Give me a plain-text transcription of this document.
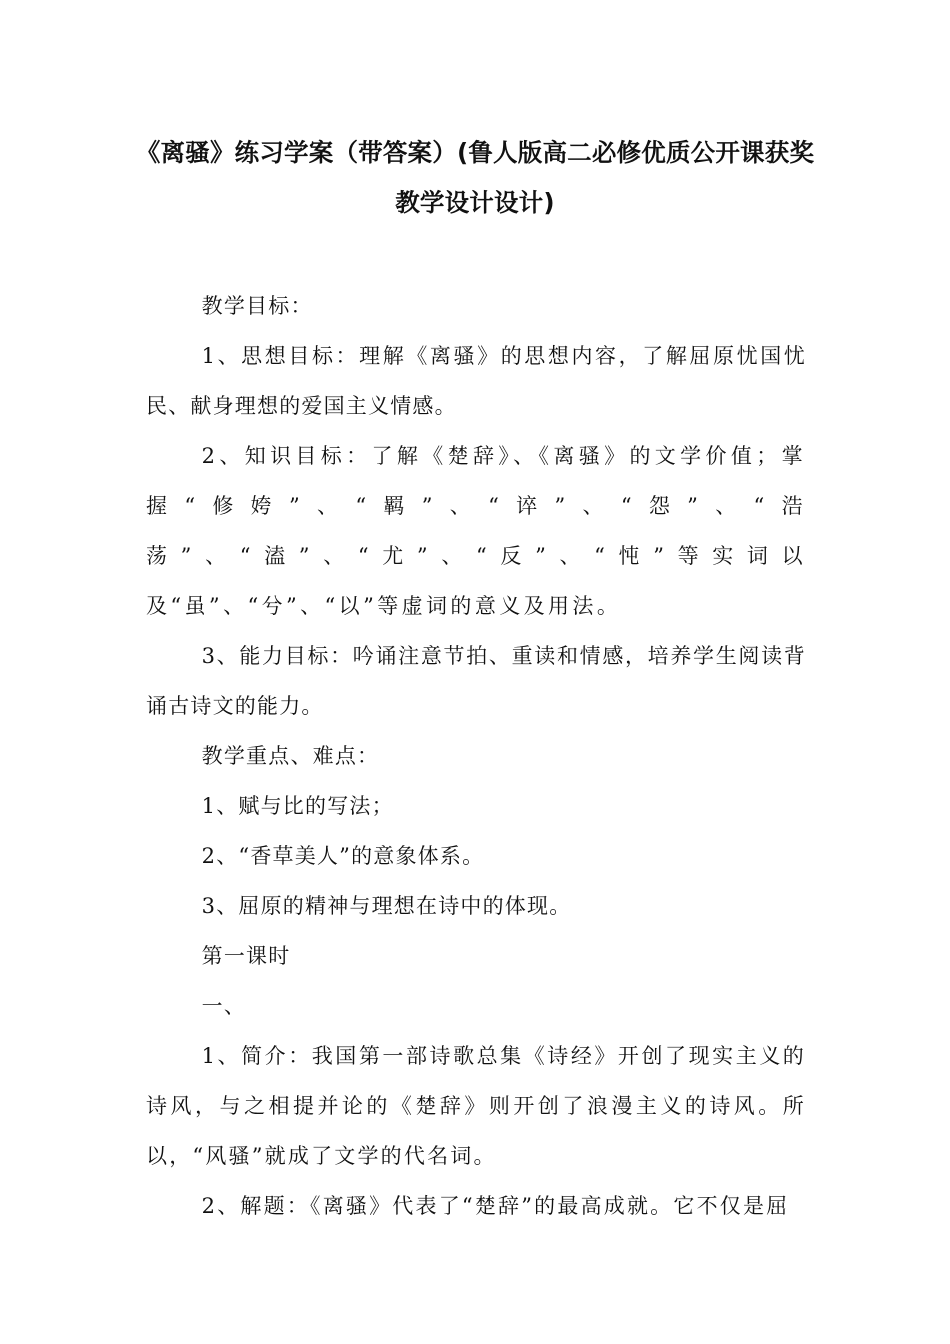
《离骚》练习学案（带答案）(鲁人版高二必修优质公开课获奖教学设计设计)

教学目标：

1、思想目标：理解《离骚》的思想内容，了解屈原忧国忧民、献身理想的爱国主义情感。

2、知识目标：了解《楚辞》、《离骚》的文学价值；掌握“修姱”、“羁”、“谇”、“怨”、“浩荡”、“溘”、“尤”、“反”、“忳”等实词以及“虽”、“兮”、“以”等虚词的意义及用法。

3、能力目标：吟诵注意节拍、重读和情感，培养学生阅读背诵古诗文的能力。

教学重点、难点：

1、赋与比的写法；

2、“香草美人”的意象体系。

3、屈原的精神与理想在诗中的体现。

第一课时

一、

1、简介：我国第一部诗歌总集《诗经》开创了现实主义的诗风，与之相提并论的《楚辞》则开创了浪漫主义的诗风。所以，“风骚”就成了文学的代名词。

2、解题：《离骚》代表了“楚辞”的最高成就。它不仅是屈
